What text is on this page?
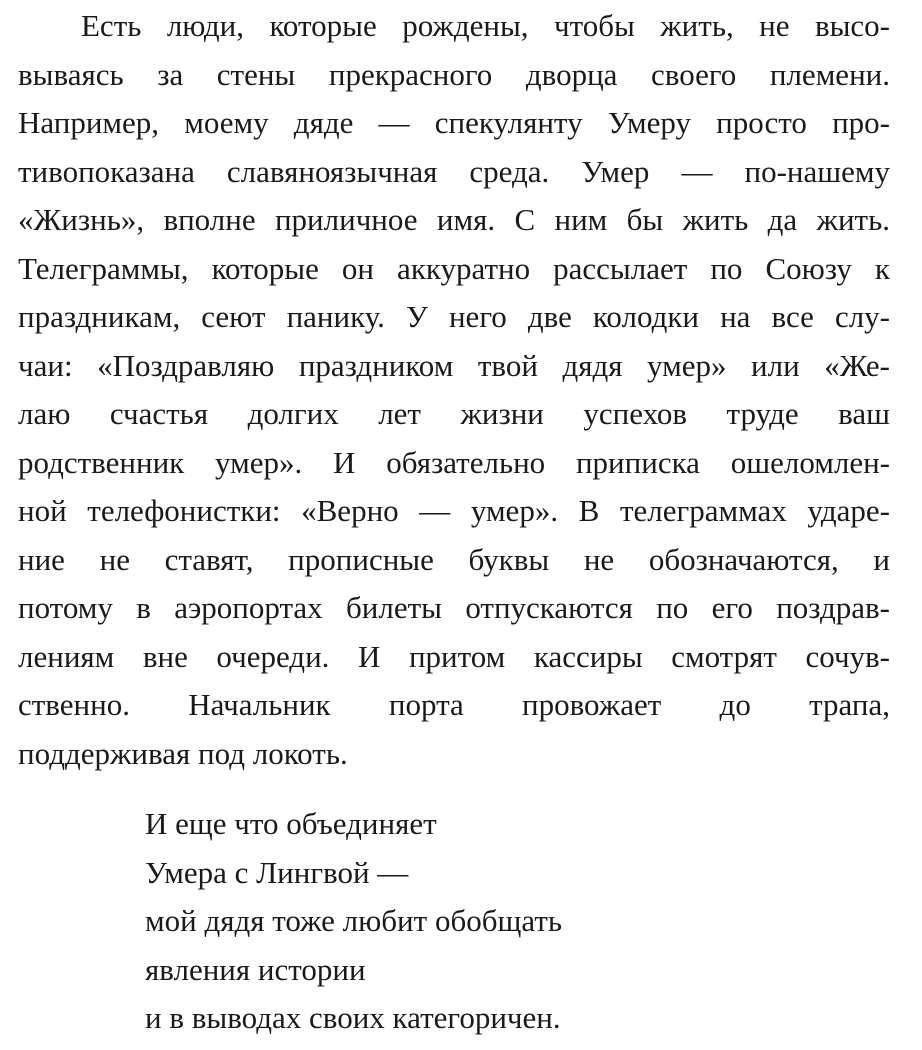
Есть люди, которые рождены, чтобы жить, не высо-
вываясь за стены прекрасного дворца своего племени.
Например, моему дяде — спекулянту Умеру просто про-
тивопоказана славяноязычная среда. Умер — по-нашему
«Жизнь», вполне приличное имя. С ним бы жить да жить.
Телеграммы, которые он аккуратно рассылает по Союзу к
праздникам, сеют панику. У него две колодки на все слу-
чаи: «Поздравляю праздником твой дядя умер» или «Же-
лаю счастья долгих лет жизни успехов труде ваш
родственник умер». И обязательно приписка ошеломлен-
ной телефонистки: «Верно — умер». В телеграммах ударе-
ние не ставят, прописные буквы не обозначаются, и
потому в аэропортах билеты отпускаются по его поздрав-
лениям вне очереди. И притом кассиры смотрят сочув-
ственно. Начальник порта провожает до трапа,
поддерживая под локоть.
И еще что объединяет
Умера с Лингвой —
мой дядя тоже любит обобщать
явления истории
и в выводах своих категоричен.
